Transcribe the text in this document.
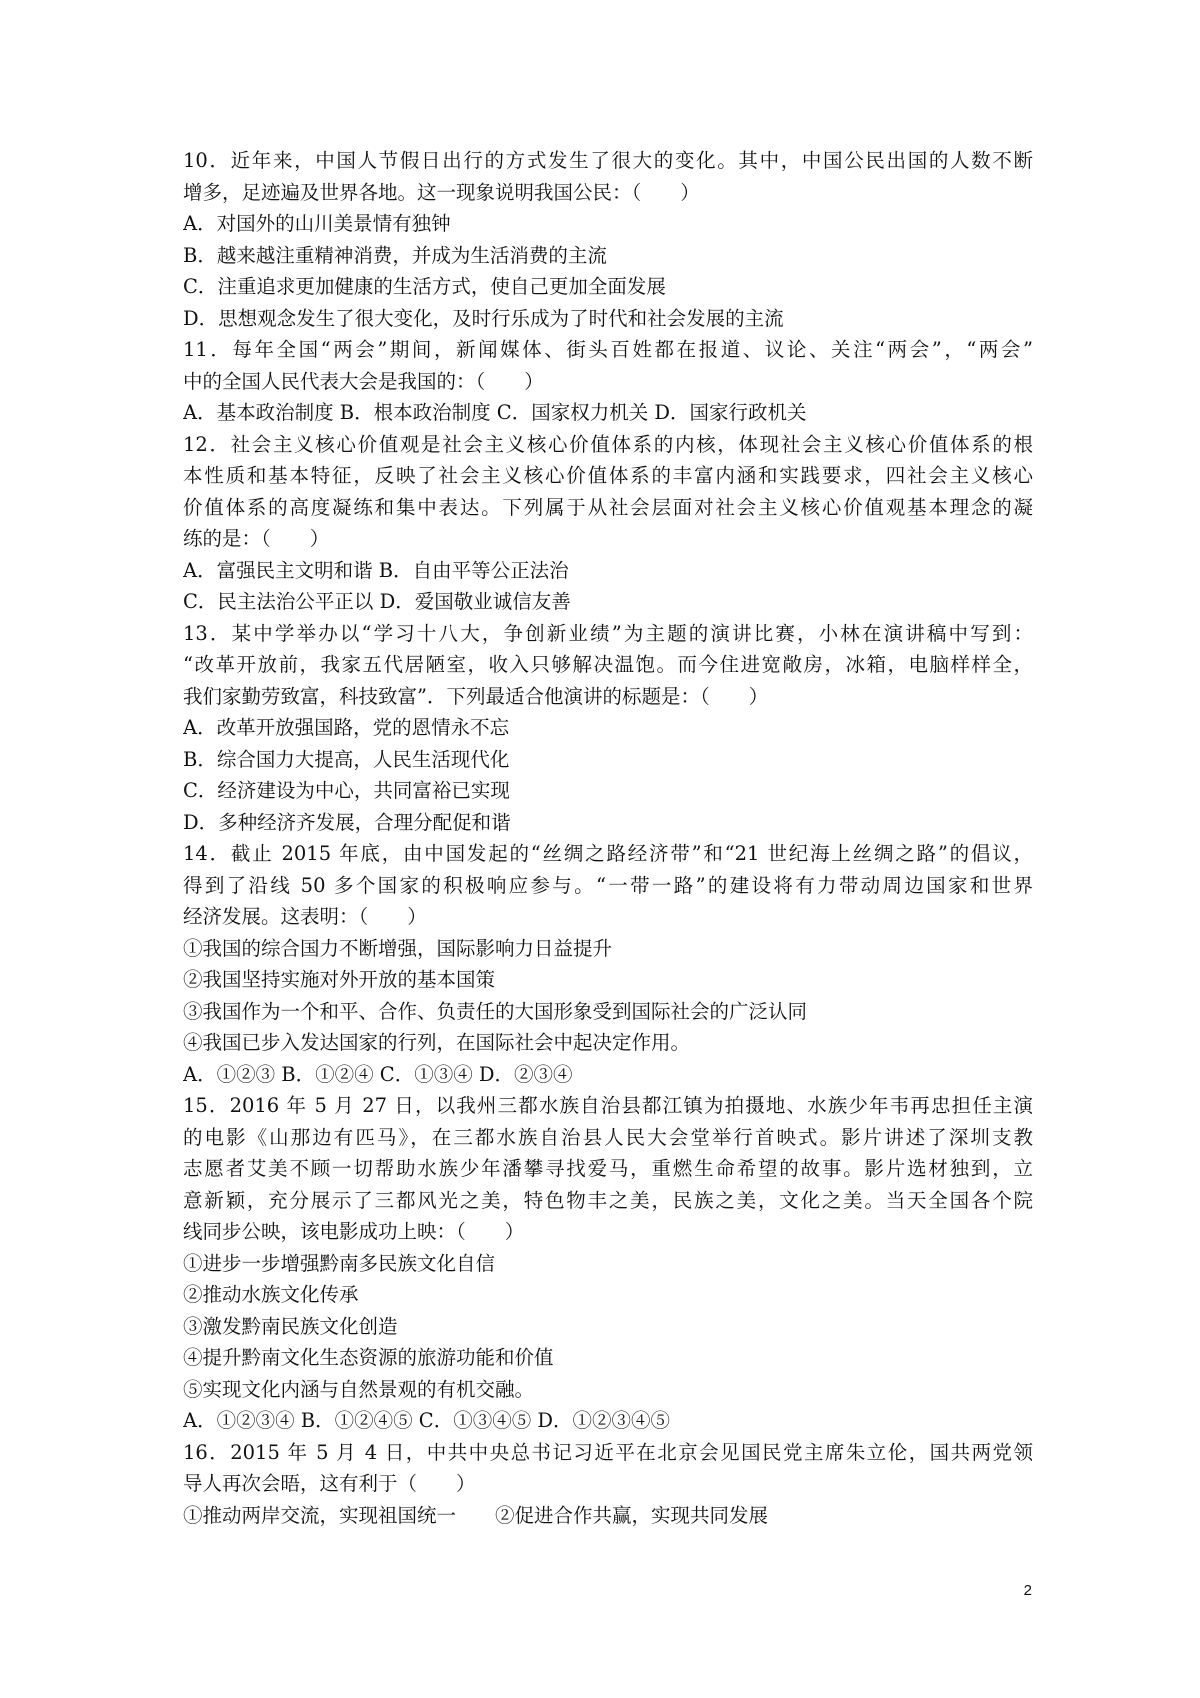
10．近年来，中国人节假日出行的方式发生了很大的变化。其中，中国公民出国的人数不断
增多，足迹遍及世界各地。这一现象说明我国公民：（　　）
A．对国外的山川美景情有独钟
B．越来越注重精神消费，并成为生活消费的主流
C．注重追求更加健康的生活方式，使自己更加全面发展
D．思想观念发生了很大变化，及时行乐成为了时代和社会发展的主流
11．每年全国“两会”期间，新闻媒体、街头百姓都在报道、议论、关注“两会”，“两会”
中的全国人民代表大会是我国的：（　　）
A．基本政治制度 B．根本政治制度 C．国家权力机关 D．国家行政机关
12．社会主义核心价值观是社会主义核心价值体系的内核，体现社会主义核心价值体系的根
本性质和基本特征，反映了社会主义核心价值体系的丰富内涵和实践要求，四社会主义核心
价值体系的高度凝练和集中表达。下列属于从社会层面对社会主义核心价值观基本理念的凝
练的是：（　　）
A．富强民主文明和谐 B．自由平等公正法治
C．民主法治公平正以 D．爱国敬业诚信友善
13．某中学举办以“学习十八大，争创新业绩”为主题的演讲比赛，小林在演讲稿中写到：
“改革开放前，我家五代居陋室，收入只够解决温饱。而今住进宽敞房，冰箱，电脑样样全，
我们家勤劳致富，科技致富”．下列最适合他演讲的标题是：（　　）
A．改革开放强国路，党的恩情永不忘
B．综合国力大提高，人民生活现代化
C．经济建设为中心，共同富裕已实现
D．多种经济齐发展，合理分配促和谐
14．截止 2015 年底，由中国发起的“丝绸之路经济带”和“21 世纪海上丝绸之路”的倡议，
得到了沿线 50 多个国家的积极响应参与。“一带一路”的建设将有力带动周边国家和世界
经济发展。这表明：（　　）
①我国的综合国力不断增强，国际影响力日益提升
②我国坚持实施对外开放的基本国策
③我国作为一个和平、合作、负责任的大国形象受到国际社会的广泛认同
④我国已步入发达国家的行列，在国际社会中起决定作用。
A．①②③ B．①②④ C．①③④ D．②③④
15．2016 年 5 月 27 日，以我州三都水族自治县都江镇为拍摄地、水族少年韦再忠担任主演
的电影《山那边有匹马》，在三都水族自治县人民大会堂举行首映式。影片讲述了深圳支教
志愿者艾美不顾一切帮助水族少年潘攀寻找爱马，重燃生命希望的故事。影片选材独到，立
意新颖，充分展示了三都风光之美，特色物丰之美，民族之美，文化之美。当天全国各个院
线同步公映，该电影成功上映：（　　）
①进步一步增强黔南多民族文化自信
②推动水族文化传承
③激发黔南民族文化创造
④提升黔南文化生态资源的旅游功能和价值
⑤实现文化内涵与自然景观的有机交融。
A．①②③④ B．①②④⑤ C．①③④⑤ D．①②③④⑤
16．2015 年 5 月 4 日，中共中央总书记习近平在北京会见国民党主席朱立伦，国共两党领
导人再次会晤，这有利于（　　）
①推动两岸交流，实现祖国统一　　②促进合作共赢，实现共同发展
2
